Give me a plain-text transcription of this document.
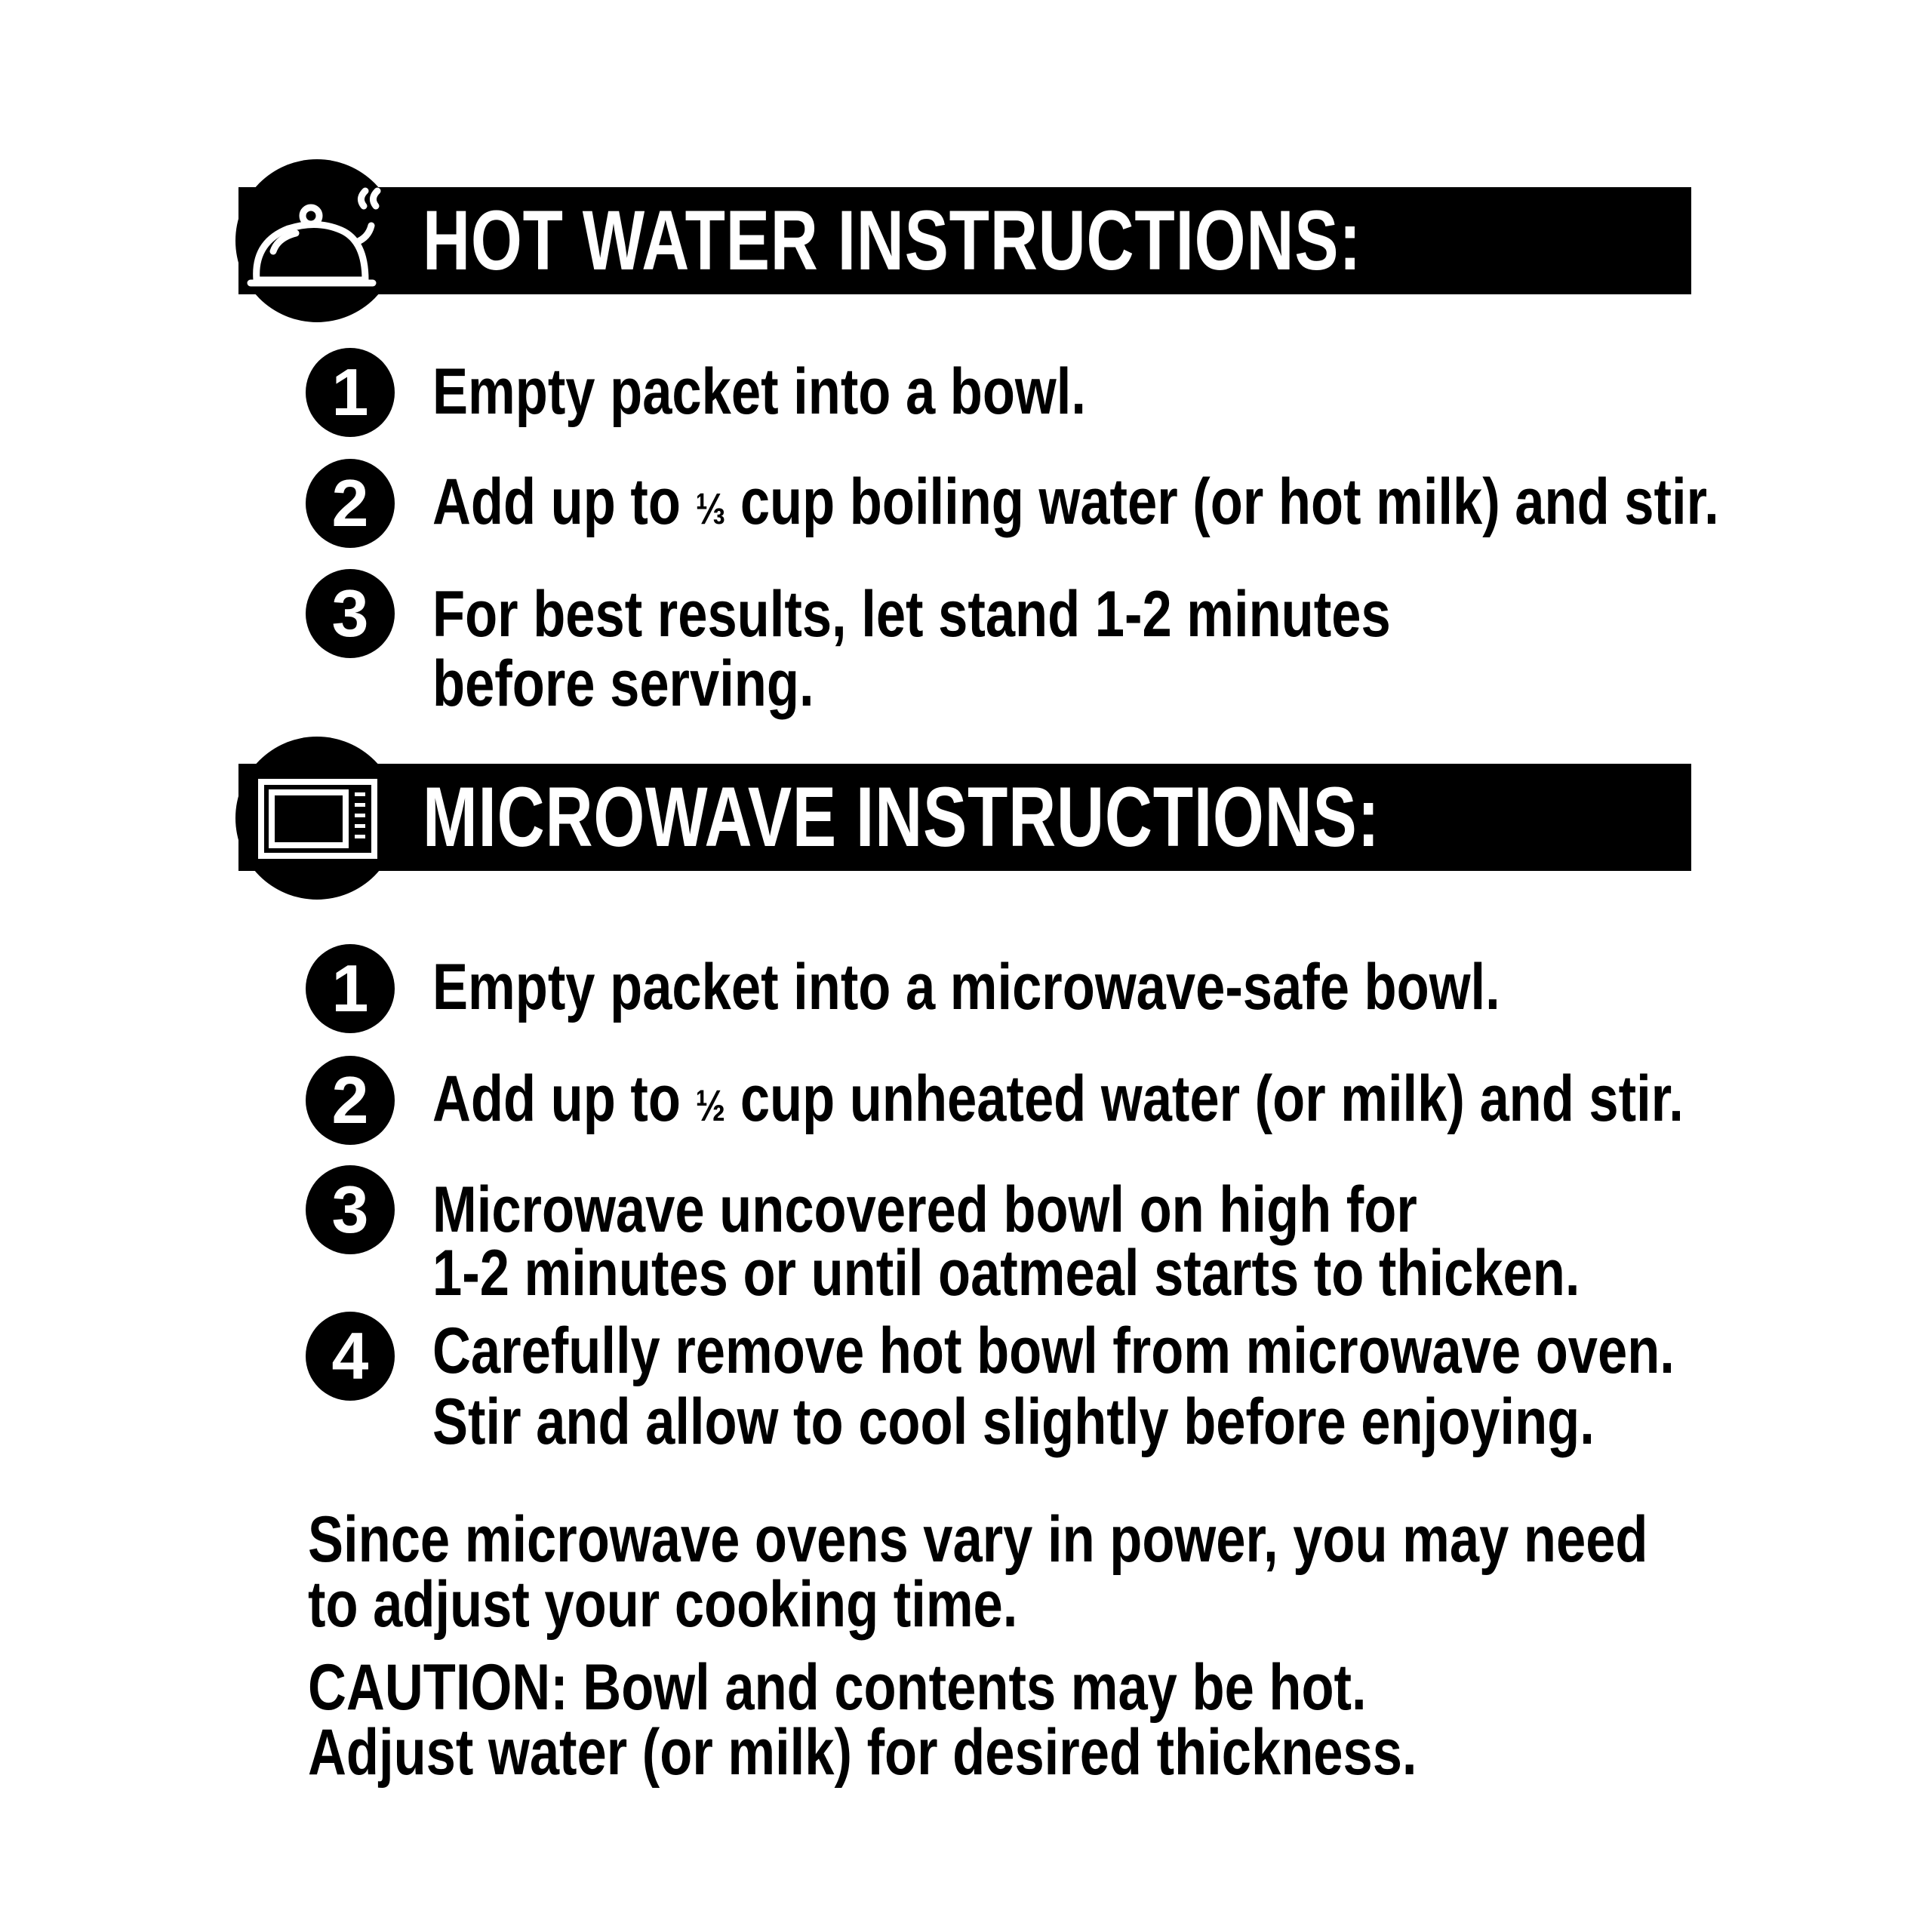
HOT WATER INSTRUCTIONS:
1 Empty packet into a bowl.
2 Add up to ⅓ cup boiling water (or hot milk) and stir.
3 For best results, let stand 1-2 minutes
before serving.
MICROWAVE INSTRUCTIONS:
1 Empty packet into a microwave-safe bowl.
2 Add up to ½ cup unheated water (or milk) and stir.
3 Microwave uncovered bowl on high for
1-2 minutes or until oatmeal starts to thicken.
4 Carefully remove hot bowl from microwave oven.
Stir and allow to cool slightly before enjoying.
Since microwave ovens vary in power, you may need
to adjust your cooking time.
CAUTION: Bowl and contents may be hot.
Adjust water (or milk) for desired thickness.
